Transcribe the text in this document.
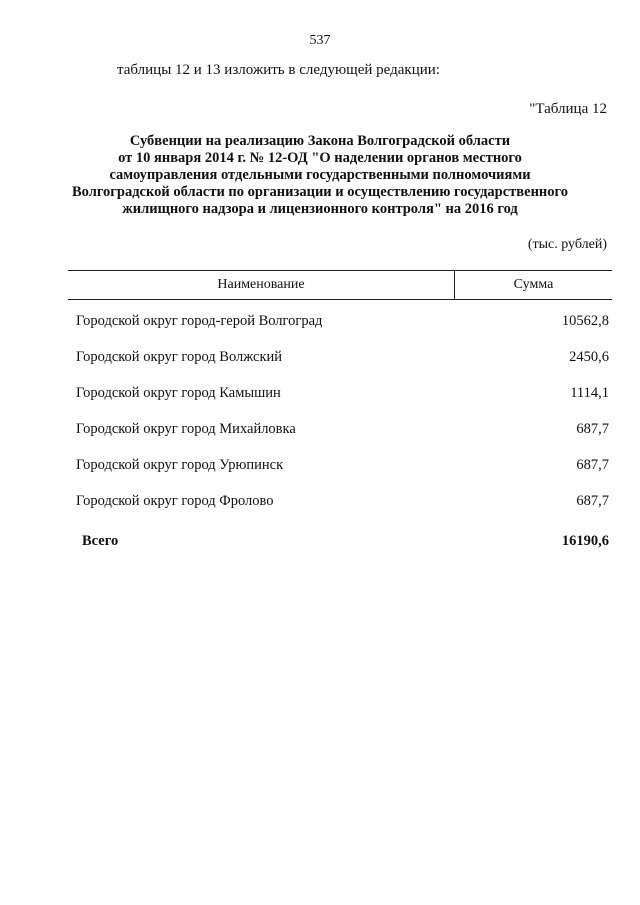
537
таблицы 12 и 13 изложить в следующей редакции:
"Таблица 12
Субвенции на реализацию Закона Волгоградской области
от 10 января 2014 г. № 12-ОД "О наделении органов местного
самоуправления отдельными государственными полномочиями
Волгоградской области по организации и осуществлению государственного
жилищного надзора и лицензионного контроля" на 2016 год
(тыс. рублей)
Наименование	Сумма
Городской округ город-герой Волгоград	10562,8
Городской округ город Волжский	2450,6
Городской округ город Камышин	1114,1
Городской округ город Михайловка	687,7
Городской округ город Урюпинск	687,7
Городской округ город Фролово	687,7
Всего	16190,6
